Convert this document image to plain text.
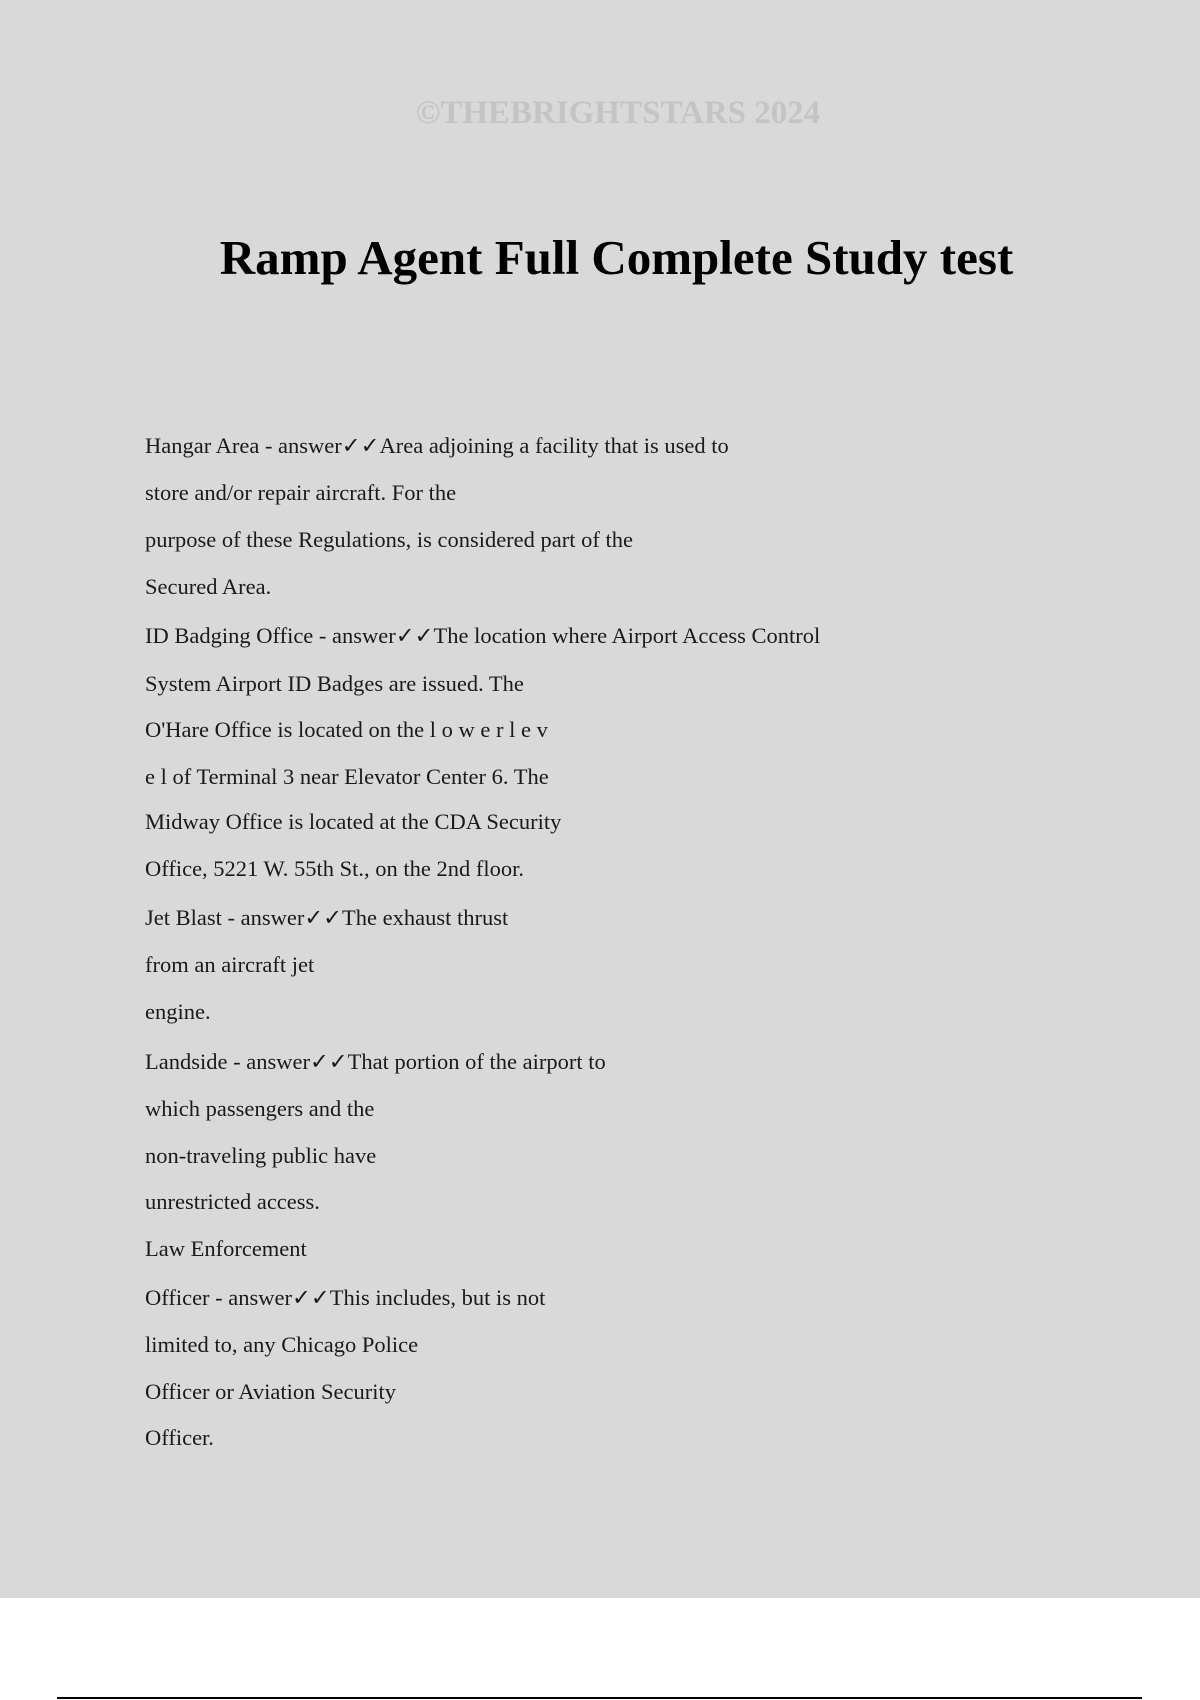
©THEBRIGHTSTARS 2024
Ramp Agent Full Complete Study test
Hangar Area - answer✓✓Area adjoining a facility that is used to
store and/or repair aircraft. For the
purpose of these Regulations, is considered part of the
Secured Area.
ID Badging Office - answer✓✓The location where Airport Access Control
System Airport ID Badges are issued. The
O'Hare Office is located on the l o w e r l e v
e l of Terminal 3 near Elevator Center 6. The
Midway Office is located at the CDA Security
Office, 5221 W. 55th St., on the 2nd floor.
Jet Blast - answer✓✓The exhaust thrust
from an aircraft jet
engine.
Landside - answer✓✓That portion of the airport to
which passengers and the
non-traveling public have
unrestricted access.
Law Enforcement
Officer - answer✓✓This includes, but is not
limited to, any Chicago Police
Officer or Aviation Security
Officer.
